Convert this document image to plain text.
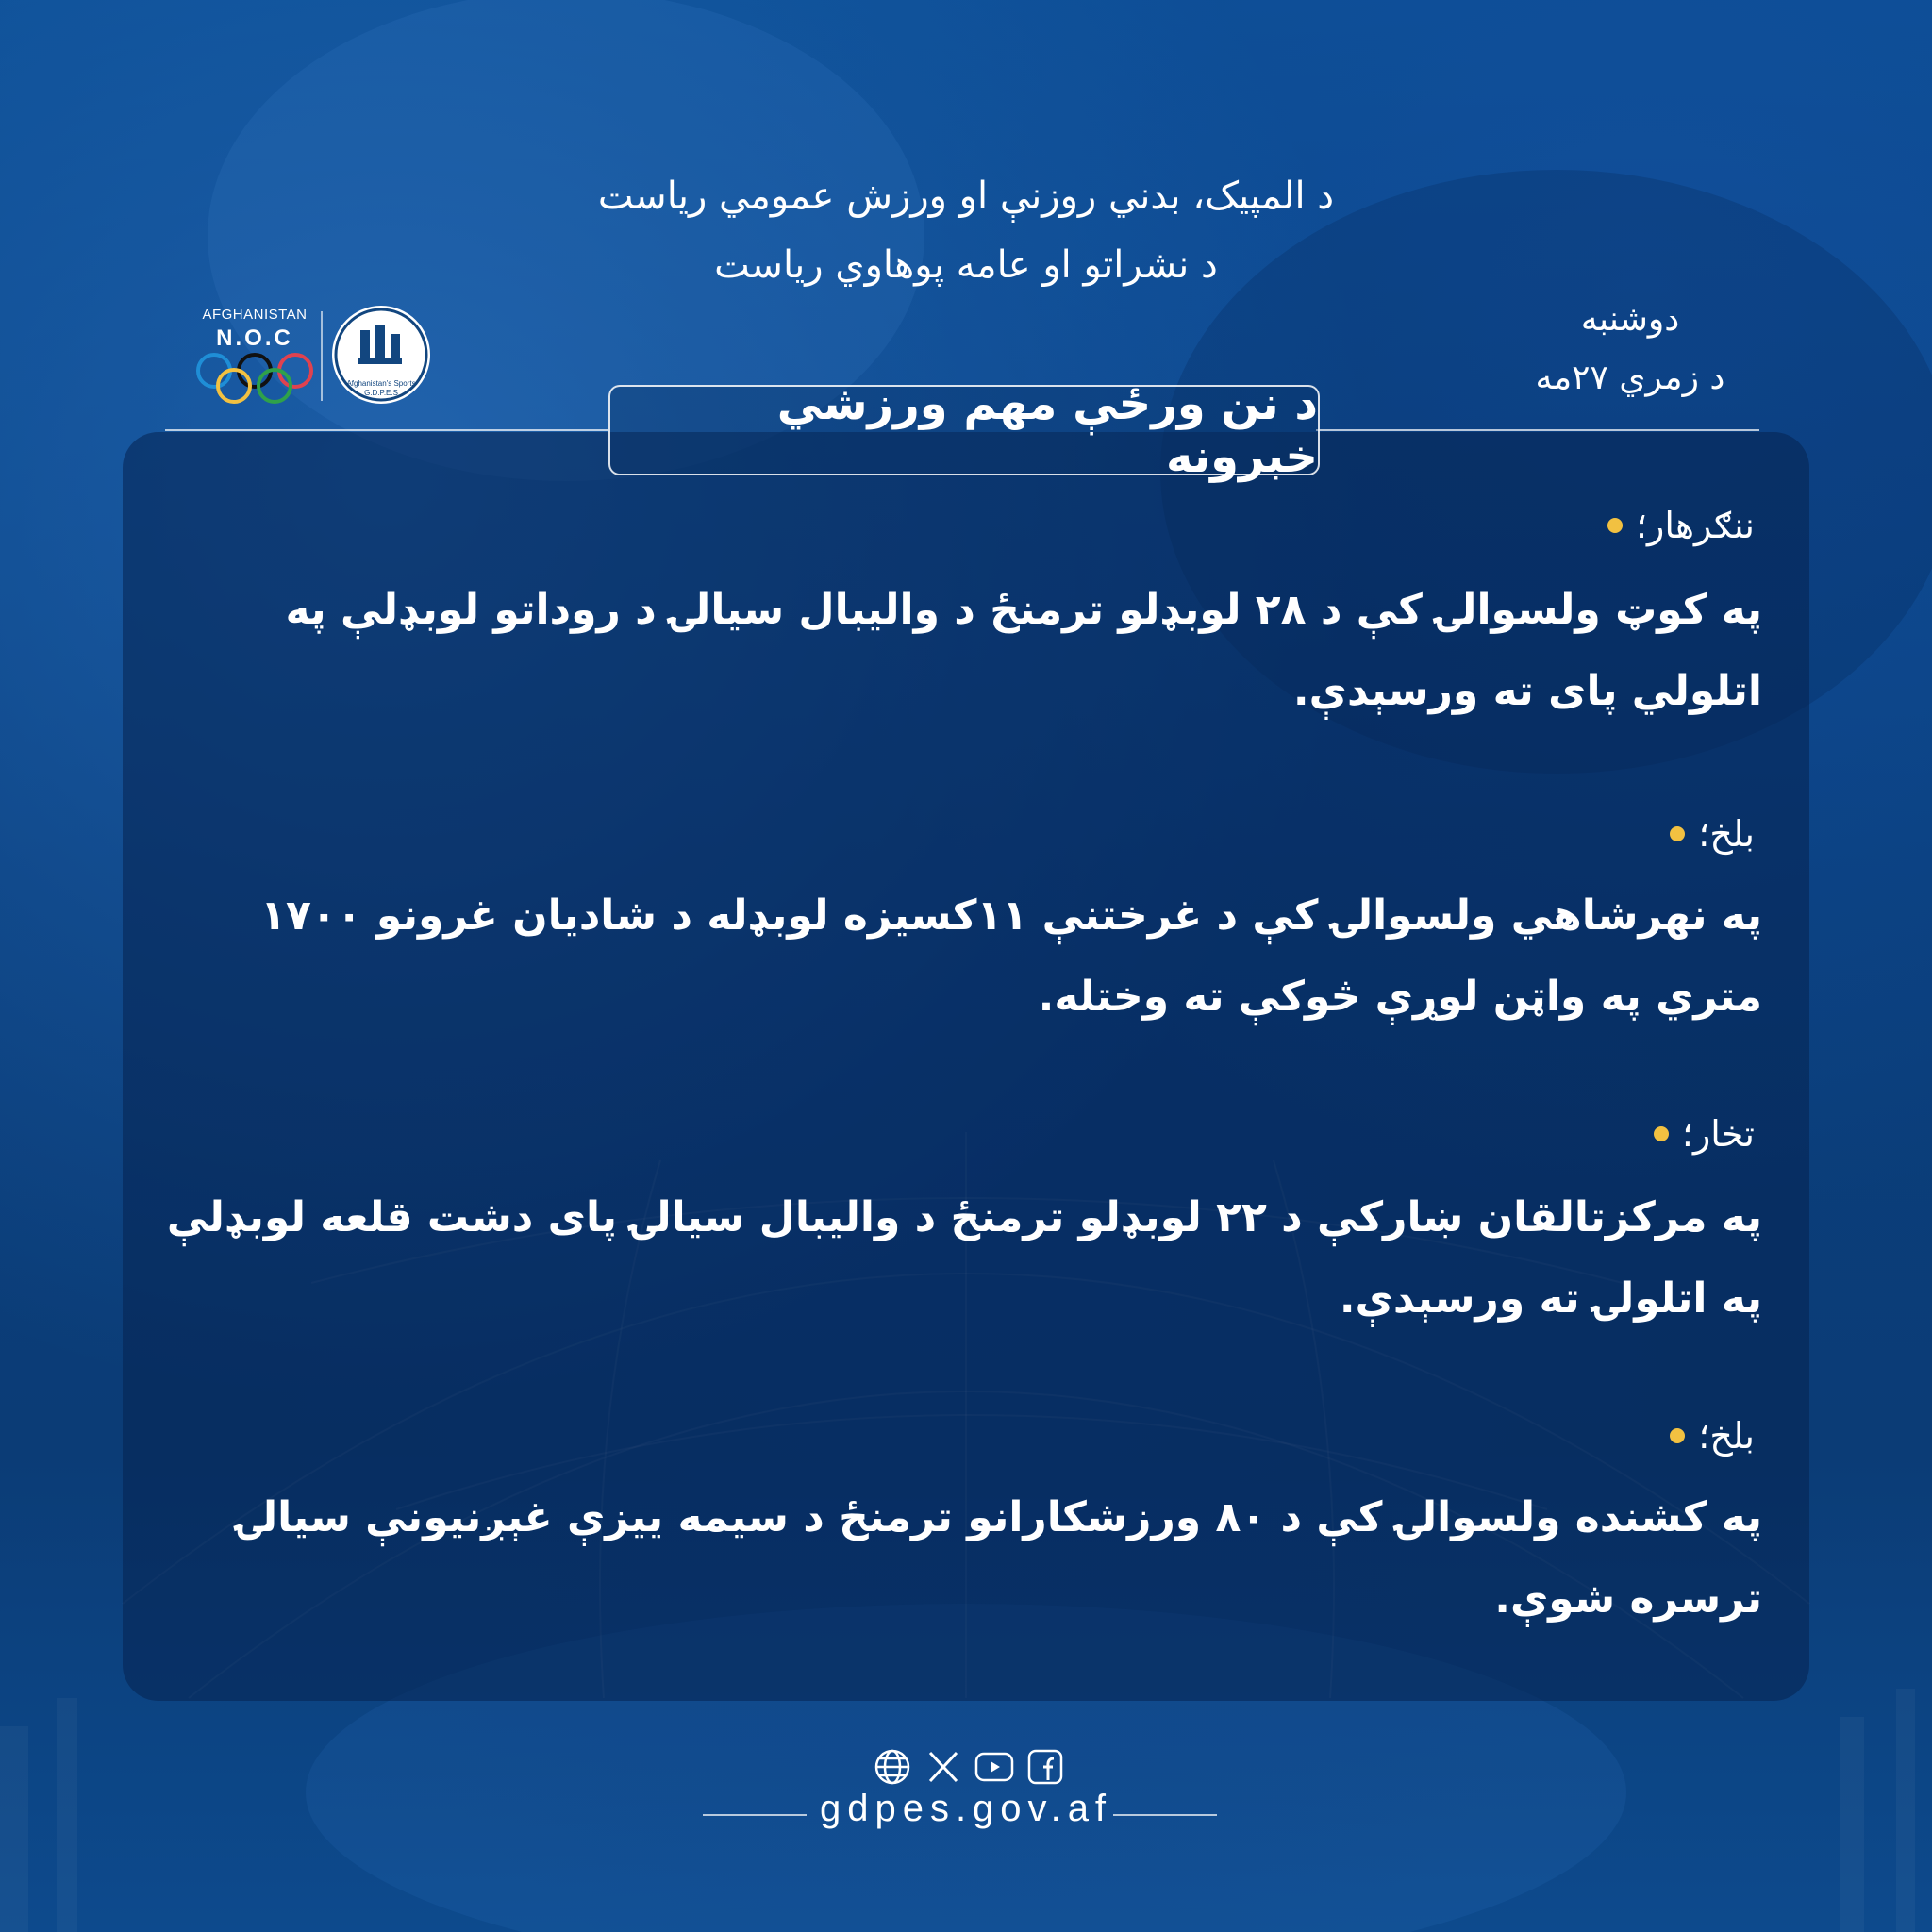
د المپیک، بدني روزنې او ورزش عمومي ریاست
د نشراتو او عامه پوهاوي ریاست
دوشنبه
د زمري ۲۷مه
AFGHANISTAN
N.O.C
Afghanistan's Sports
G.D.P.E.S	د نن ورځې مهم ورزشي خبرونه
ننګرهار؛
په کوټ ولسوالۍ کې د ۲۸ لوبډلو ترمنځ د واليبال سيالۍ د روداتو لوبډلې په اتلولي پای ته ورسېدې.
بلخ؛
په نهرشاهي ولسوالۍ کې د غرختنې ۱۱کسيزه لوبډله د شاديان غرونو ۱۷۰۰ متري په واټن لوړې څوکې ته وختله.
تخار؛
په مرکزتالقان ښارکې د ۲۲ لوبډلو ترمنځ د واليبال سيالۍ پای دشت قلعه لوبډلې په اتلولۍ ته ورسېدې.
بلخ؛
په کشنده ولسوالۍ کې د ۸۰ ورزشکارانو ترمنځ د سيمه ييزې غېږنيونې سيالۍ ترسره شوې.
gdpes.gov.af
